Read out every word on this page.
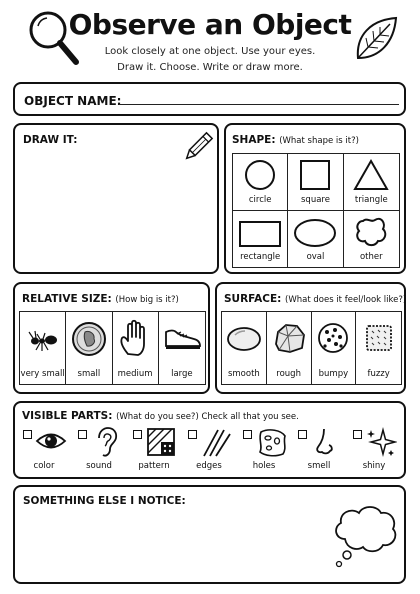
Observe an Object
Look closely at one object. Use your eyes.
Draw it. Choose. Write or draw more.
OBJECT NAME:
DRAW IT:	SHAPE: (What shape is it?)
circle	square	triangle
rectangle	oval	other
RELATIVE SIZE: (How big is it?)
very small	small	medium	large
SURFACE: (What does it feel/look like?)
smooth	rough	bumpy	fuzzy
VISIBLE PARTS: (What do you see?) Check all that you see.
color	sound	pattern	edges	holes	smell	shiny
SOMETHING ELSE I NOTICE:
